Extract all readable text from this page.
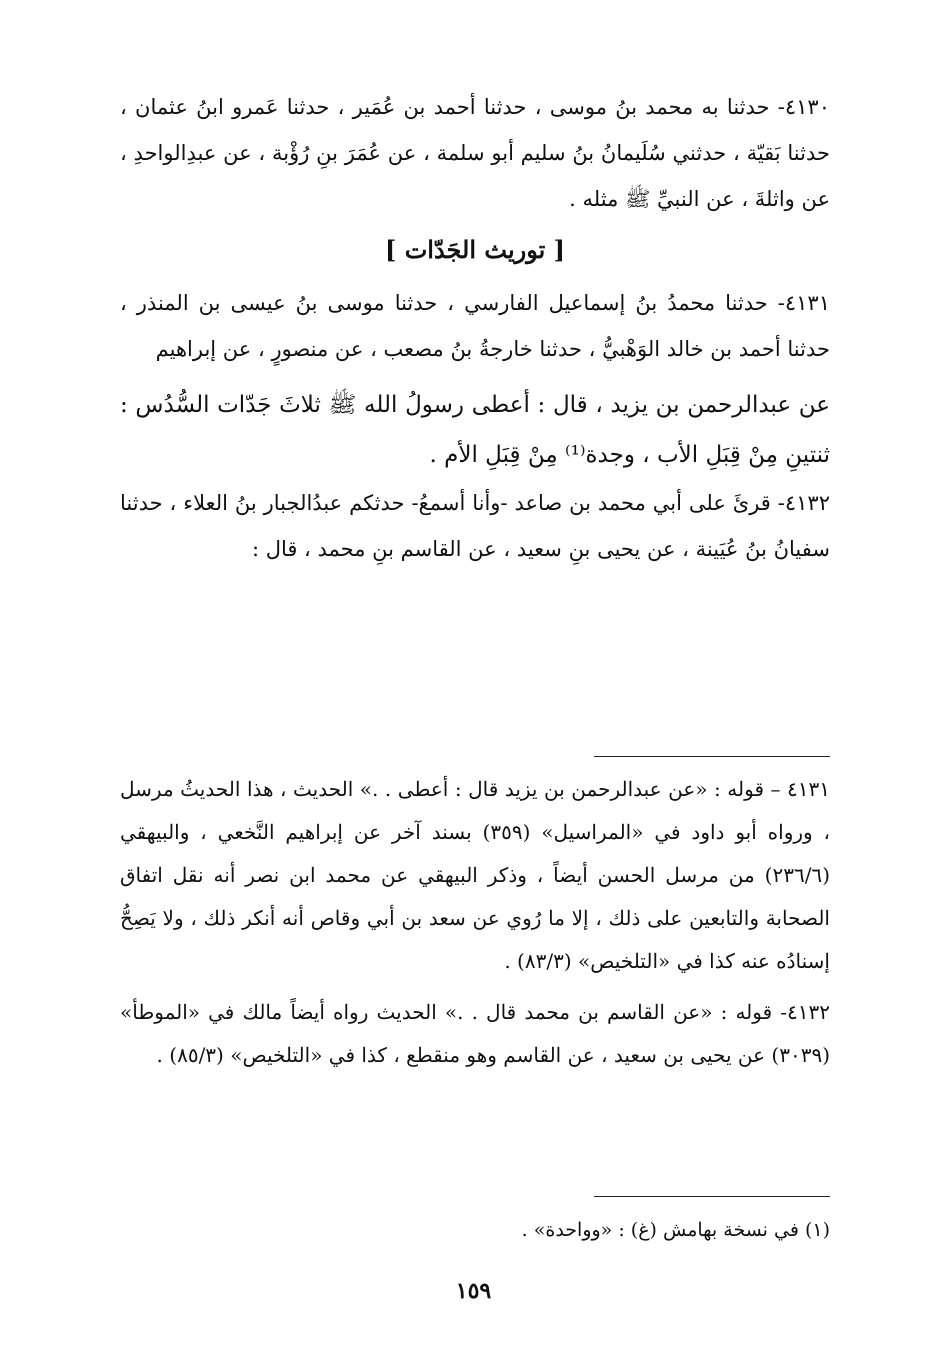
٤١٣٠- حدثنا به محمد بنُ موسى ، حدثنا أحمد بن عُمَير ، حدثنا عَمرو ابنُ عثمان ، حدثنا بَقيّة ، حدثني سُلَيمانُ بنُ سليم أبو سلمة ، عن عُمَرَ بنِ رُؤْبة ، عن عبدِالواحدِ ، عن واثلةَ ، عن النبيِّ ﷺ مثله .

[ توريث الجَدّات ]

٤١٣١- حدثنا محمدُ بنُ إسماعيل الفارسي ، حدثنا موسى بنُ عيسى بن المنذر ، حدثنا أحمد بن خالد الوَهْبيُّ ، حدثنا خارجةُ بنُ مصعب ، عن منصورٍ ، عن إبراهيم

عن عبدالرحمن بن يزيد ، قال : أعطى رسولُ الله ﷺ ثلاثَ جَدّات السُّدُس : ثنتينِ مِنْ قِبَلِ الأب ، وجدة⁽¹⁾ مِنْ قِبَلِ الأم .

٤١٣٢- قرئَ على أبي محمد بن صاعد -وأنا أسمعُ- حدثكم عبدُالجبار بنُ العلاء ، حدثنا سفيانُ بنُ عُيَينة ، عن يحيى بنِ سعيد ، عن القاسم بنِ محمد ، قال :

٤١٣١ – قوله : «عن عبدالرحمن بن يزيد قال : أعطى . .» الحديث ، هذا الحديثُ مرسل ، ورواه أبو داود في «المراسيل» (٣٥٩) بسند آخر عن إبراهيم النَّخعي ، والبيهقي (٢٣٦/٦) من مرسل الحسن أيضاً ، وذكر البيهقي عن محمد ابن نصر أنه نقل اتفاق الصحابة والتابعين على ذلك ، إلا ما رُوي عن سعد بن أبي وقاص أنه أنكر ذلك ، ولا يَصِحُّ إسنادُه عنه كذا في «التلخيص» (٨٣/٣) .

٤١٣٢- قوله : «عن القاسم بن محمد قال . .» الحديث رواه أيضاً مالك في «الموطأ» (٣٠٣٩) عن يحيى بن سعيد ، عن القاسم وهو منقطع ، كذا في «التلخيص» (٨٥/٣) .

(١) في نسخة بهامش (غ) : «وواحدة» .
١٥٩
